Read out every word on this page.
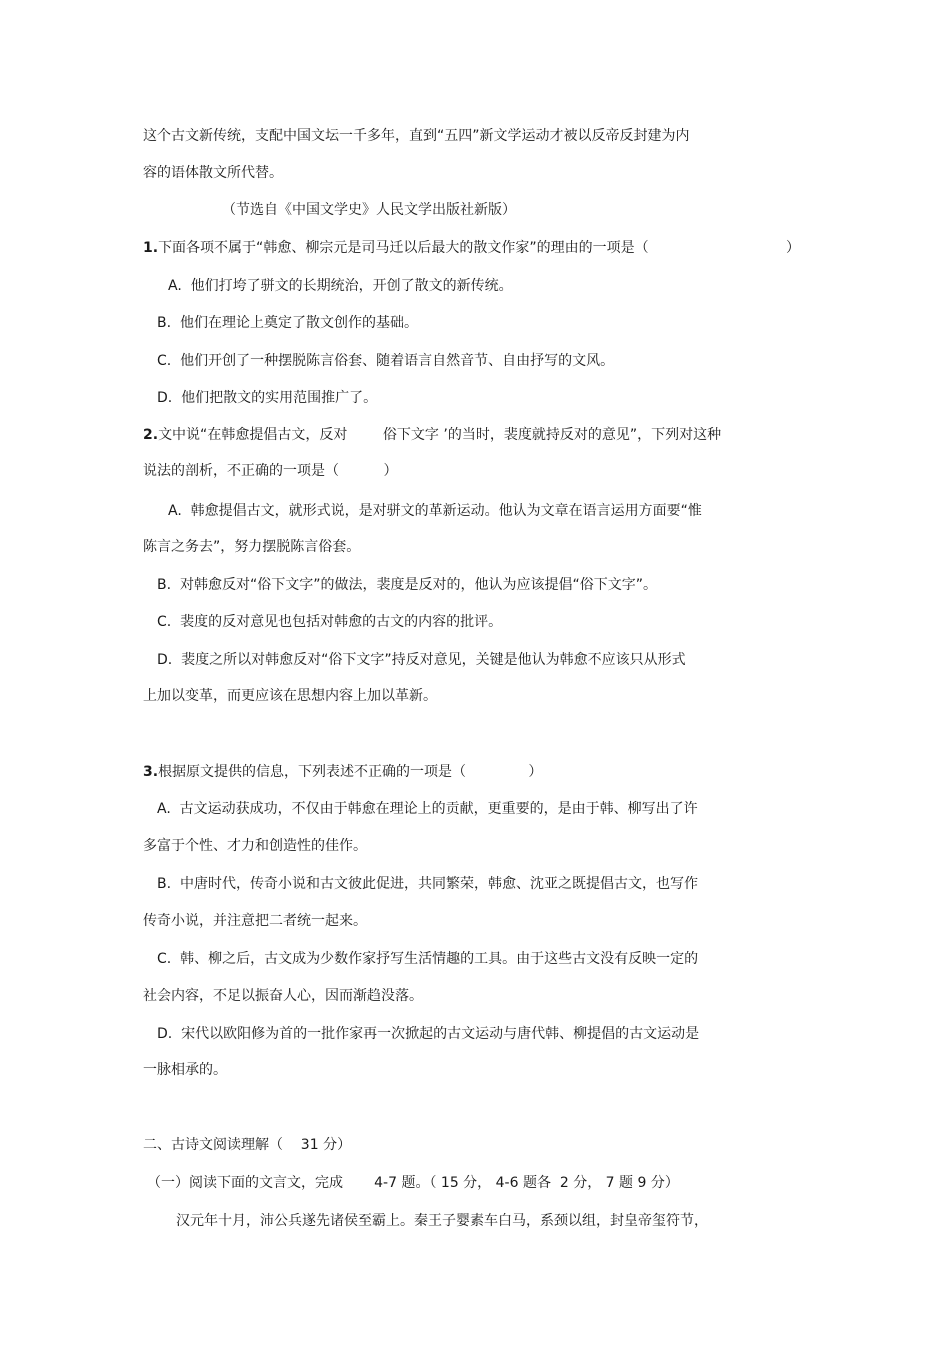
这个古文新传统，支配中国文坛一千多年，直到“五四”新文学运动才被以反帝反封建为内
容的语体散文所代替。
（节选自《中国文学史》人民文学出版社新版）
1.下面各项不属于“韩愈、柳宗元是司马迁以后最大的散文作家”的理由的一项是（	）
A.  他们打垮了骈文的长期统治，开创了散文的新传统。
B.  他们在理论上奠定了散文创作的基础。
C.  他们开创了一种摆脱陈言俗套、随着语言自然音节、自由抒写的文风。
D.  他们把散文的实用范围推广了。
2.文中说“在韩愈提倡古文，反对        俗下文字 ’的当时，裴度就持反对的意见”，下列对这种
说法的剖析，不正确的一项是（          ）
A.  韩愈提倡古文，就形式说，是对骈文的革新运动。他认为文章在语言运用方面要“惟
陈言之务去”，努力摆脱陈言俗套。
B.  对韩愈反对“俗下文字”的做法，裴度是反对的，他认为应该提倡“俗下文字”。
C.  裴度的反对意见也包括对韩愈的古文的内容的批评。
D.  裴度之所以对韩愈反对“俗下文字”持反对意见，关键是他认为韩愈不应该只从形式
上加以变革，而更应该在思想内容上加以革新。
3.根据原文提供的信息，下列表述不正确的一项是（              ）
A.  古文运动获成功，不仅由于韩愈在理论上的贡献，更重要的，是由于韩、柳写出了许
多富于个性、才力和创造性的佳作。
B.  中唐时代，传奇小说和古文彼此促进，共同繁荣，韩愈、沈亚之既提倡古文，也写作
传奇小说，并注意把二者统一起来。
C.  韩、柳之后，古文成为少数作家抒写生活情趣的工具。由于这些古文没有反映一定的
社会内容，不足以振奋人心，因而渐趋没落。
D.  宋代以欧阳修为首的一批作家再一次掀起的古文运动与唐代韩、柳提倡的古文运动是
一脉相承的。
二、古诗文阅读理解（    31 分）
（一）阅读下面的文言文，完成       4-7 题。（ 15 分， 4-6 题各  2 分， 7 题 9 分）
汉元年十月，沛公兵遂先诸侯至霸上。秦王子婴素车白马，系颈以组，封皇帝玺符节，
